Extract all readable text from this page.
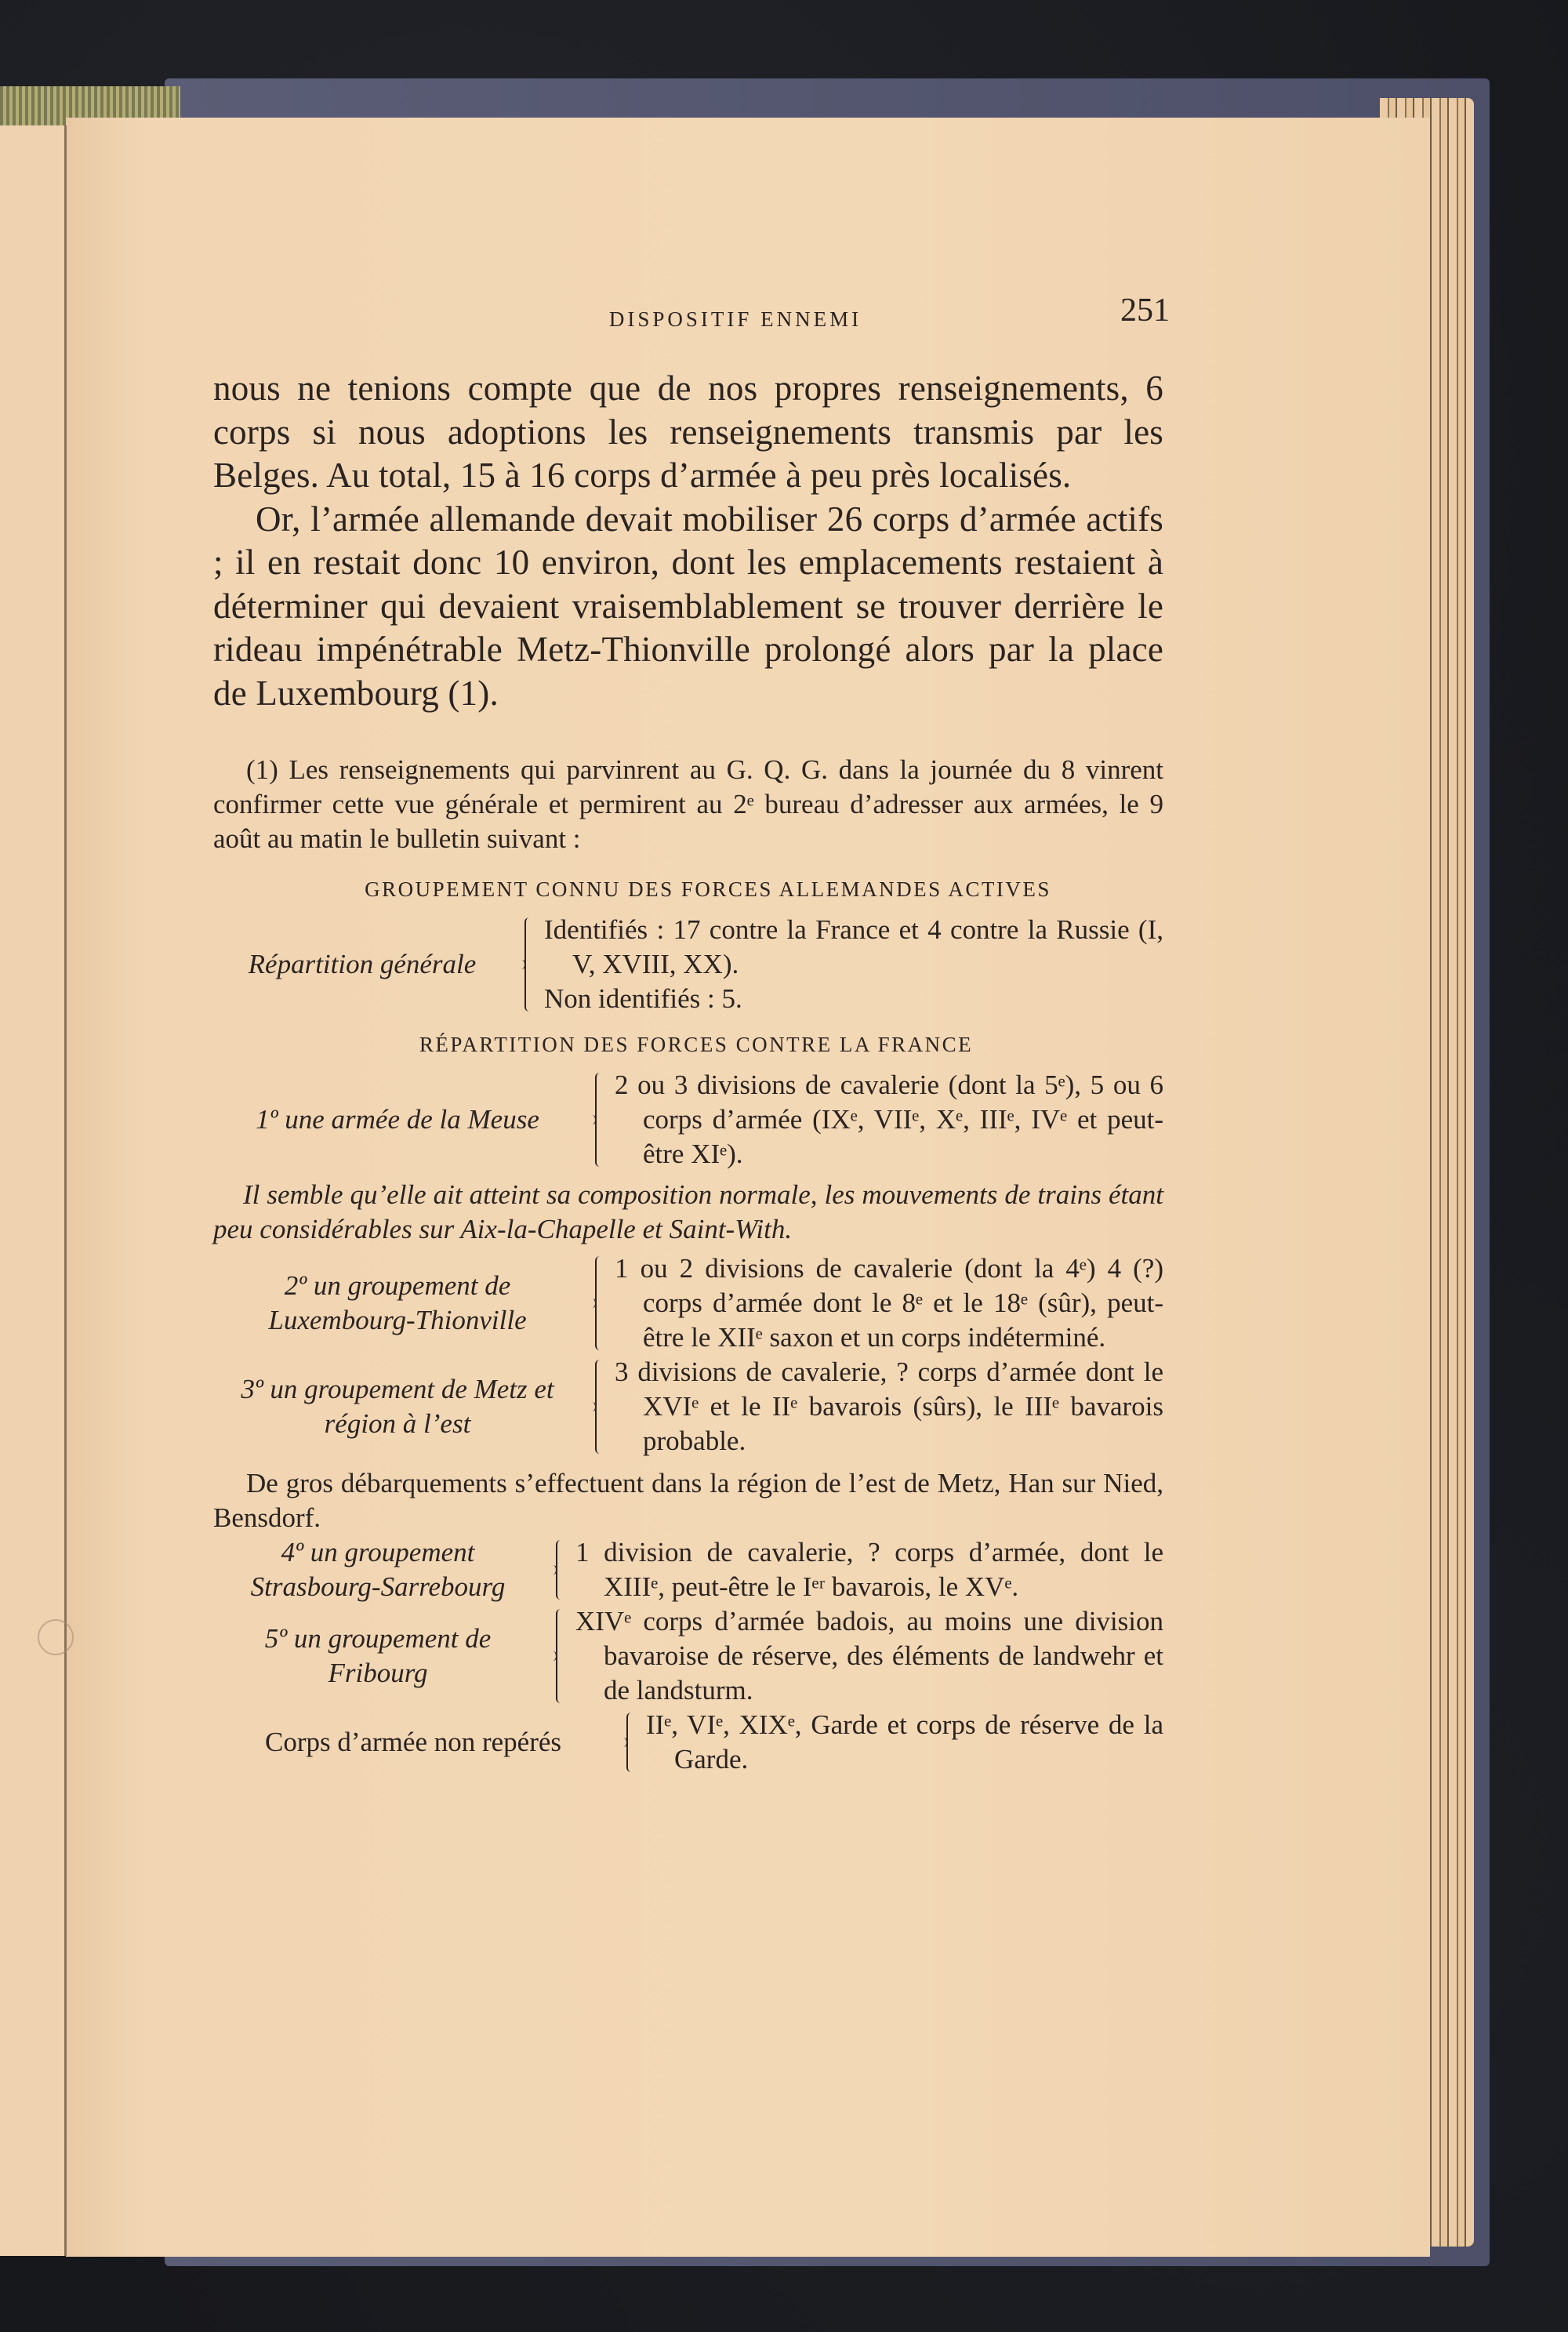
DISPOSITIF ENNEMI	251

nous ne tenions compte que de nos propres renseignements, 6 corps si nous adoptions les renseignements transmis par les Belges. Au total, 15 à 16 corps d’armée à peu près localisés.

Or, l’armée allemande devait mobiliser 26 corps d’armée actifs ; il en restait donc 10 environ, dont les emplacements restaient à déterminer qui devaient vraisemblablement se trouver derrière le rideau impénétrable Metz-Thionville prolongé alors par la place de Luxembourg (1).

(1) Les renseignements qui parvinrent au G. Q. G. dans la journée du 8 vinrent confirmer cette vue générale et permirent au 2ᵉ bureau d’adresser aux armées, le 9 août au matin le bulletin suivant :

GROUPEMENT CONNU DES FORCES ALLEMANDES ACTIVES
Répartition générale

Identifiés : 17 contre la France et 4 contre la Russie (I, V, XVIII, XX).

Non identifiés : 5.

RÉPARTITION DES FORCES CONTRE LA FRANCE
1º une armée de la Meuse

2 ou 3 divisions de cavalerie (dont la 5ᵉ), 5 ou 6 corps d’armée (IXᵉ, VIIᵉ, Xᵉ, IIIᵉ, IVᵉ et peut-être XIᵉ).

Il semble qu’elle ait atteint sa composition normale, les mouvements de trains étant peu considérables sur Aix-la-Chapelle et Saint-With.

2º un groupement de Luxembourg-Thionville

1 ou 2 divisions de cavalerie (dont la 4ᵉ) 4 (?) corps d’armée dont le 8ᵉ et le 18ᵉ (sûr), peut-être le XIIᵉ saxon et un corps indéterminé.

3º un groupement de Metz et région à l’est

3 divisions de cavalerie, ? corps d’armée dont le XVIᵉ et le IIᵉ bavarois (sûrs), le IIIᵉ bavarois probable.

De gros débarquements s’effectuent dans la région de l’est de Metz, Han sur Nied, Bensdorf.

4º un groupement Strasbourg-Sarrebourg

1 division de cavalerie, ? corps d’armée, dont le XIIIᵉ, peut-être le Iᵉʳ bavarois, le XVᵉ.

5º un groupement de Fribourg

XIVᵉ corps d’armée badois, au moins une division bavaroise de réserve, des éléments de landwehr et de landsturm.

Corps d’armée non repérés

IIᵉ, VIᵉ, XIXᵉ, Garde et corps de réserve de la Garde.
